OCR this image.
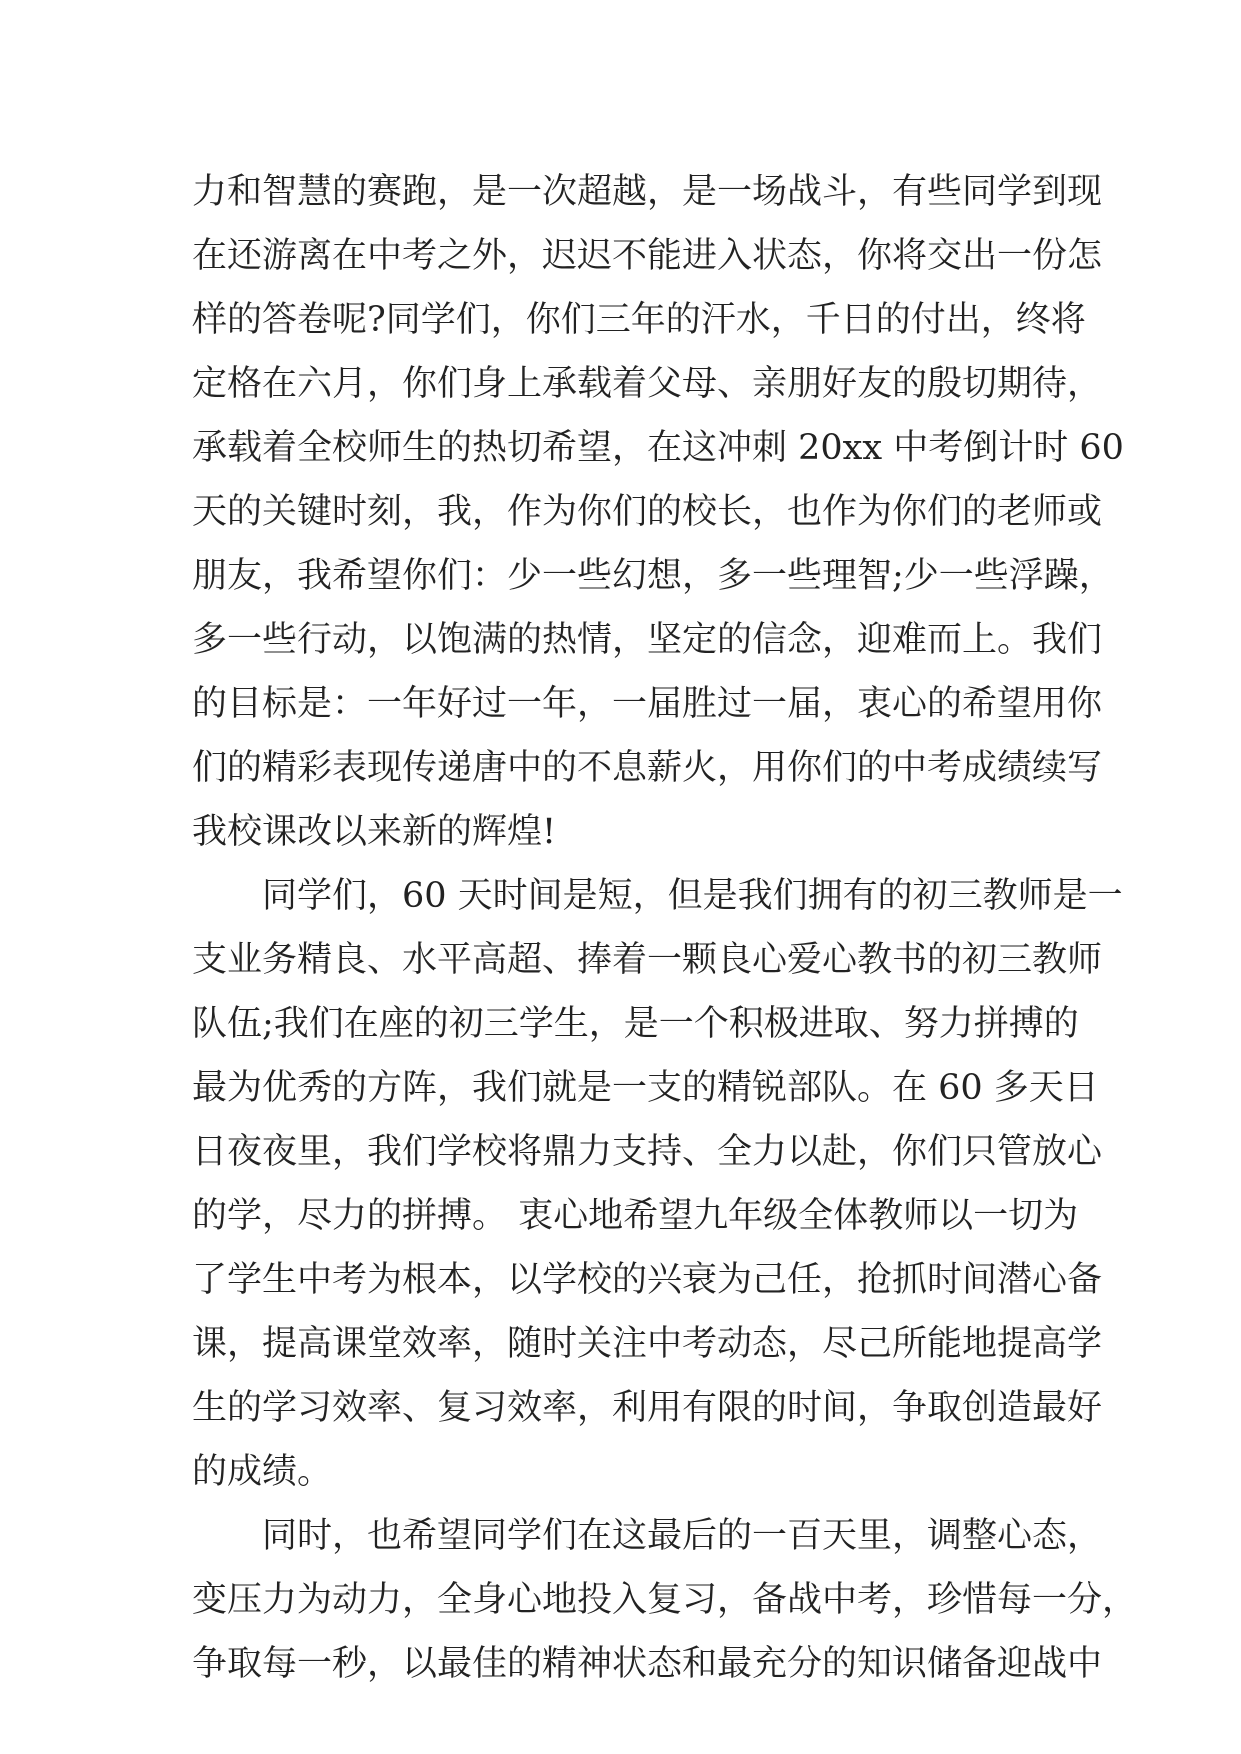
力和智慧的赛跑，是一次超越，是一场战斗，有些同学到现
在还游离在中考之外，迟迟不能进入状态，你将交出一份怎
样的答卷呢?同学们，你们三年的汗水，千日的付出，终将
定格在六月，你们身上承载着父母、亲朋好友的殷切期待，
承载着全校师生的热切希望，在这冲刺 20xx 中考倒计时 60
天的关键时刻，我，作为你们的校长，也作为你们的老师或
朋友，我希望你们：少一些幻想，多一些理智;少一些浮躁，
多一些行动，以饱满的热情，坚定的信念，迎难而上。我们
的目标是：一年好过一年，一届胜过一届，衷心的希望用你
们的精彩表现传递唐中的不息薪火，用你们的中考成绩续写
我校课改以来新的辉煌!
同学们，60 天时间是短，但是我们拥有的初三教师是一
支业务精良、水平高超、捧着一颗良心爱心教书的初三教师
队伍;我们在座的初三学生，是一个积极进取、努力拼搏的
最为优秀的方阵，我们就是一支的精锐部队。在 60 多天日
日夜夜里，我们学校将鼎力支持、全力以赴，你们只管放心
的学，尽力的拼搏。 衷心地希望九年级全体教师以一切为
了学生中考为根本，以学校的兴衰为己任，抢抓时间潜心备
课，提高课堂效率，随时关注中考动态，尽己所能地提高学
生的学习效率、复习效率，利用有限的时间，争取创造最好
的成绩。
同时，也希望同学们在这最后的一百天里，调整心态，
变压力为动力，全身心地投入复习，备战中考，珍惜每一分，
争取每一秒，以最佳的精神状态和最充分的知识储备迎战中
